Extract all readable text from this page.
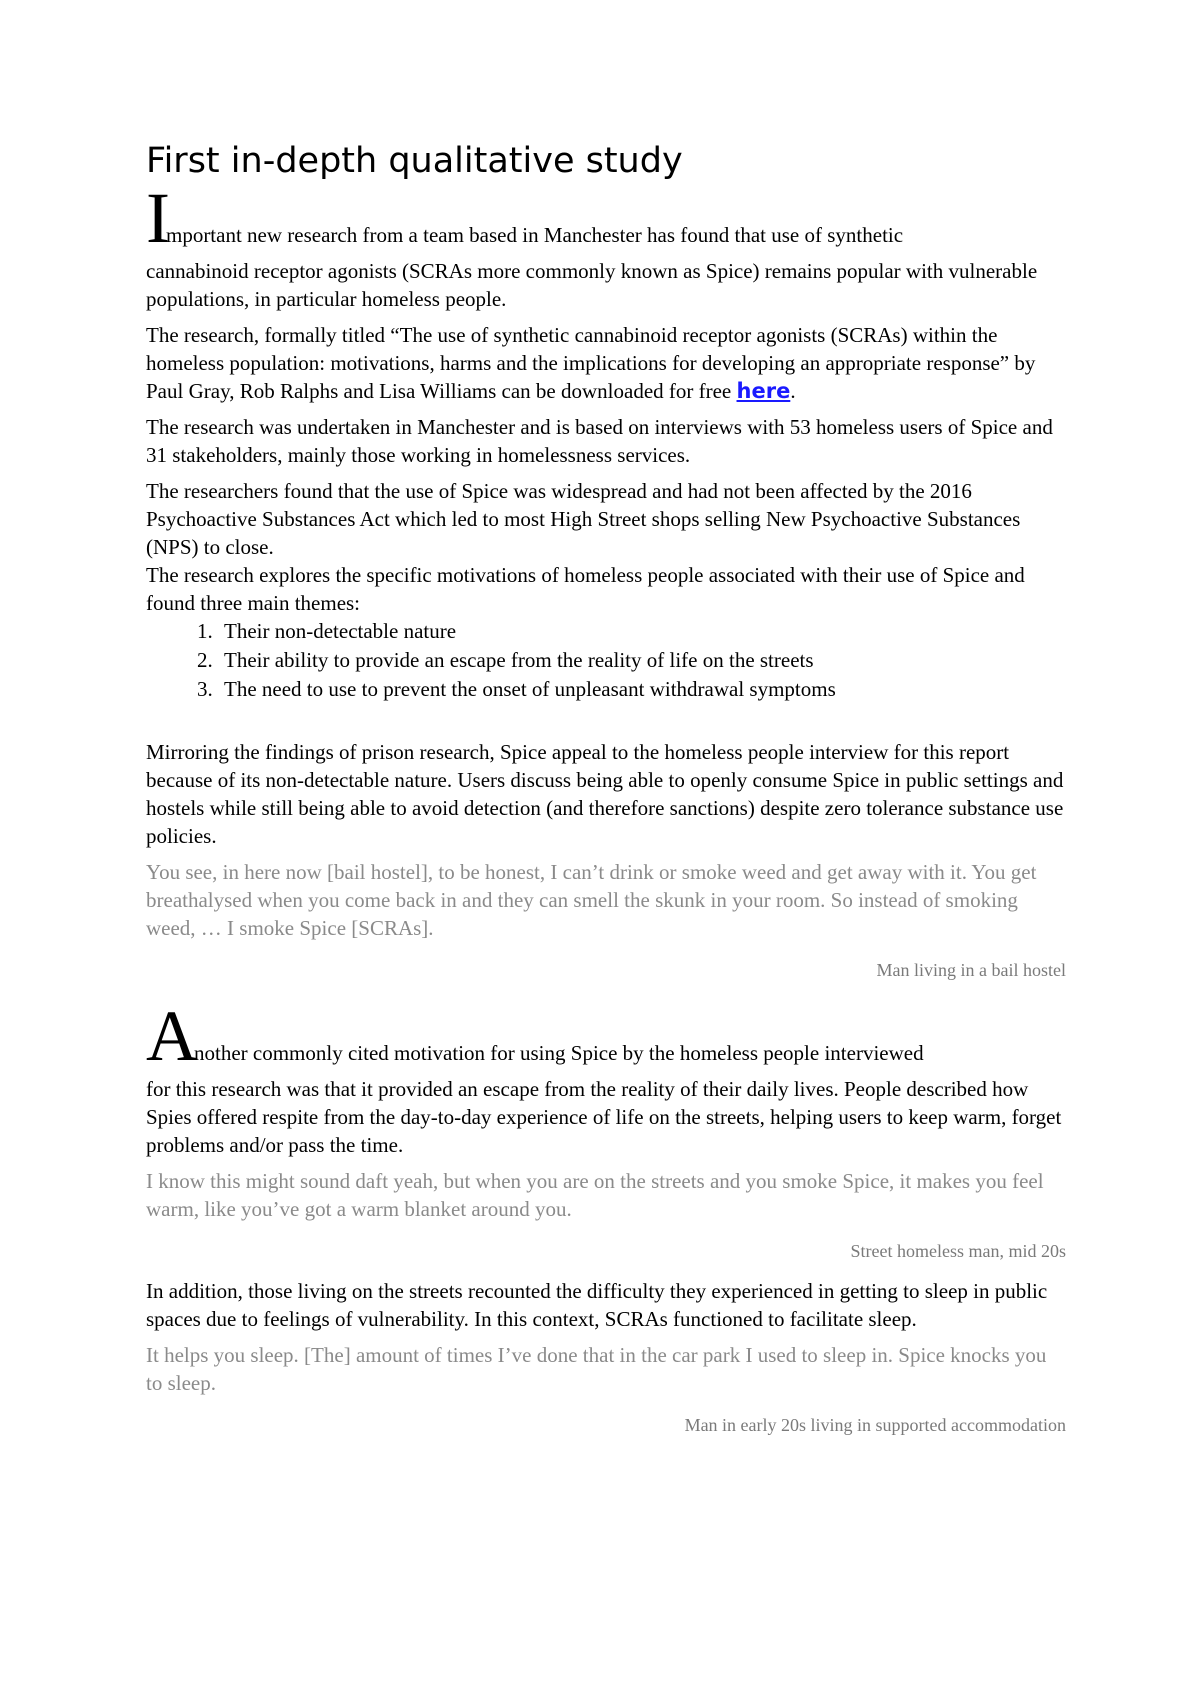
First in-depth qualitative study

Important new research from a team based in Manchester has found that use of synthetic
cannabinoid receptor agonists (SCRAs more commonly known as Spice) remains popular with vulnerable populations, in particular homeless people.

The research, formally titled “The use of synthetic cannabinoid receptor agonists (SCRAs) within the homeless population: motivations, harms and the implications for developing an appropriate response” by Paul Gray, Rob Ralphs and Lisa Williams can be downloaded for free here.

The research was undertaken in Manchester and is based on interviews with 53 homeless users of Spice and 31 stakeholders, mainly those working in homelessness services.

The researchers found that the use of Spice was widespread and had not been affected by the 2016 Psychoactive Substances Act which led to most High Street shops selling New Psychoactive Substances (NPS) to close.

The research explores the specific motivations of homeless people associated with their use of Spice and found three main themes:

1. Their non-detectable nature
2. Their ability to provide an escape from the reality of life on the streets
3. The need to use to prevent the onset of unpleasant withdrawal symptoms

Mirroring the findings of prison research, Spice appeal to the homeless people interview for this report because of its non-detectable nature. Users discuss being able to openly consume Spice in public settings and hostels while still being able to avoid detection (and therefore sanctions) despite zero tolerance substance use policies.

You see, in here now [bail hostel], to be honest, I can’t drink or smoke weed and get away with it. You get breathalysed when you come back in and they can smell the skunk in your room. So instead of smoking weed, … I smoke Spice [SCRAs].

Man living in a bail hostel

Another commonly cited motivation for using Spice by the homeless people interviewed
for this research was that it provided an escape from the reality of their daily lives. People described how Spies offered respite from the day-to-day experience of life on the streets, helping users to keep warm, forget problems and/or pass the time.

I know this might sound daft yeah, but when you are on the streets and you smoke Spice, it makes you feel warm, like you’ve got a warm blanket around you.

Street homeless man, mid 20s

In addition, those living on the streets recounted the difficulty they experienced in getting to sleep in public spaces due to feelings of vulnerability. In this context, SCRAs functioned to facilitate sleep.

It helps you sleep. [The] amount of times I’ve done that in the car park I used to sleep in. Spice knocks you to sleep.

Man in early 20s living in supported accommodation
